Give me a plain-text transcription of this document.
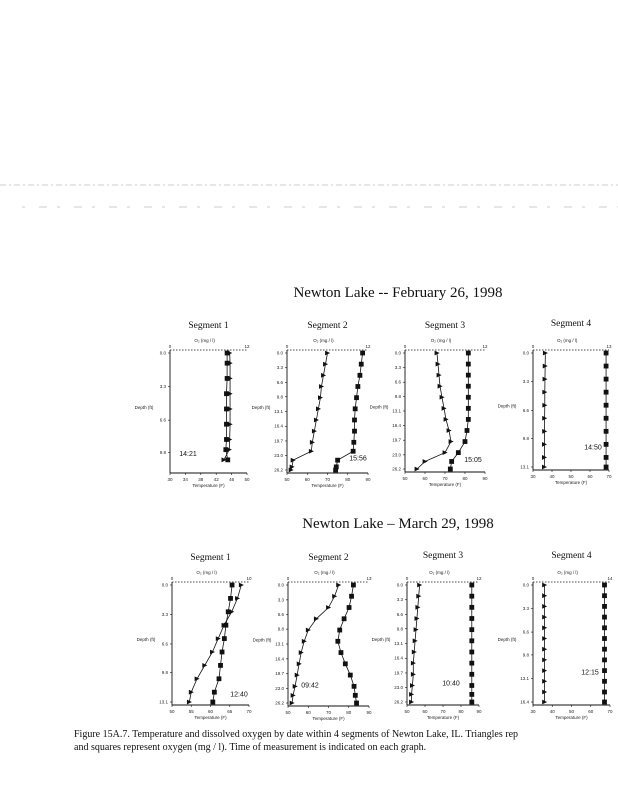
Newton Lake -- February 26, 1998
Newton Lake – March 29, 1998
Segment 1
O₂ (mg / l)
0	12
30 34 38 42 46 50
Temperature (F)
0.0
3.3
6.6
9.8
Depth (ft)
14:21
Segment 2
O₂ (mg / l)
0	12
50	60	70	80	90
Temperature (F)
0.0
3.3
6.6
9.8
13.1
16.4
19.7
23.0
26.2
Depth (ft)
15:56
Segment 3
O₂ (mg / l)
0	12
50	60	70	80	90
Temperature (F)
0.0
3.3
6.6
9.8
13.1
16.4
19.7
23.0
26.2
Depth (ft)
15:05
Segment 4
O₂ (mg / l)
0	13
30	40	50	60	70
Temperature (F)
0.0
3.3
6.6
9.8
13.1
Depth (ft)
14:50
Segment 1
O₂ (mg / l)
0	10
50	55	60	65	70
Temperature (F)
0.0
3.3
6.6
9.8
13.1
Depth (ft)
12:40
Segment 2
O₂ (mg / l)
0	13
50	60	70	80	90
Temperature (F)
0.0
3.3
6.6
9.8
13.1
16.4
19.7
23.0
26.2
Depth (ft)
09:42
Segment 3
O₂ (mg / l)
0	12
50	60	70	80	90
Temperature (F)
0.0
3.3
6.6
9.8
13.1
16.4
19.7
23.0
26.2
Depth (ft)
10:40
Segment 4
O₂ (mg / l)
0	14
30	40	50	60	70
Temperature (F)
0.0
3.3
6.6
9.8
13.1
16.4
Depth (ft)
12:15
Figure 15A.7. Temperature and dissolved oxygen by date within 4 segments of Newton Lake, IL. Triangles rep
and squares represent oxygen (mg / l). Time of measurement is indicated on each graph.
